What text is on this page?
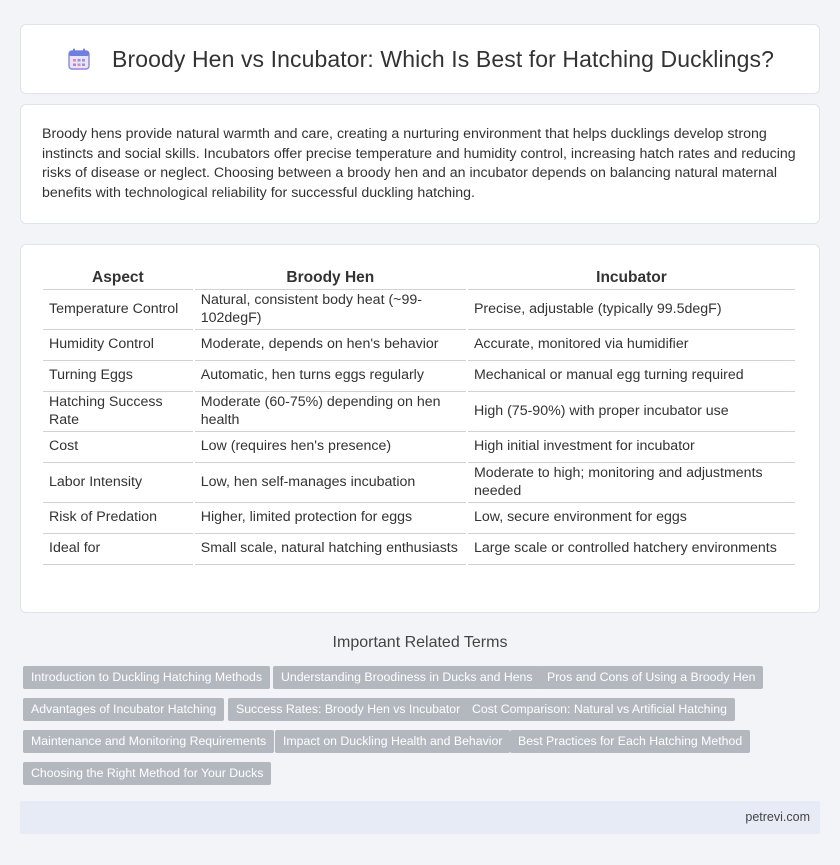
Broody Hen vs Incubator: Which Is Best for Hatching Ducklings?

Broody hens provide natural warmth and care, creating a nurturing environment that helps ducklings develop strong instincts and social skills. Incubators offer precise temperature and humidity control, increasing hatch rates and reducing risks of disease or neglect. Choosing between a broody hen and an incubator depends on balancing natural maternal benefits with technological reliability for successful duckling hatching.

Aspect	Broody Hen	Incubator
Temperature Control	Natural, consistent body heat (~99-102degF)	Precise, adjustable (typically 99.5degF)
Humidity Control	Moderate, depends on hen's behavior	Accurate, monitored via humidifier
Turning Eggs	Automatic, hen turns eggs regularly	Mechanical or manual egg turning required
Hatching Success Rate	Moderate (60-75%) depending on hen health	High (75-90%) with proper incubator use
Cost	Low (requires hen's presence)	High initial investment for incubator
Labor Intensity	Low, hen self-manages incubation	Moderate to high; monitoring and adjustments needed
Risk of Predation	Higher, limited protection for eggs	Low, secure environment for eggs
Ideal for	Small scale, natural hatching enthusiasts	Large scale or controlled hatchery environments
Important Related Terms
Introduction to Duckling Hatching Methods	Understanding Broodiness in Ducks and Hens	Pros and Cons of Using a Broody Hen
Advantages of Incubator Hatching	Success Rates: Broody Hen vs Incubator Cost Comparison: Natural vs Artificial Hatching
Maintenance and Monitoring Requirements	Impact on Duckling Health and Behavior	Best Practices for Each Hatching Method
Choosing the Right Method for Your Ducks
petrevi.com
